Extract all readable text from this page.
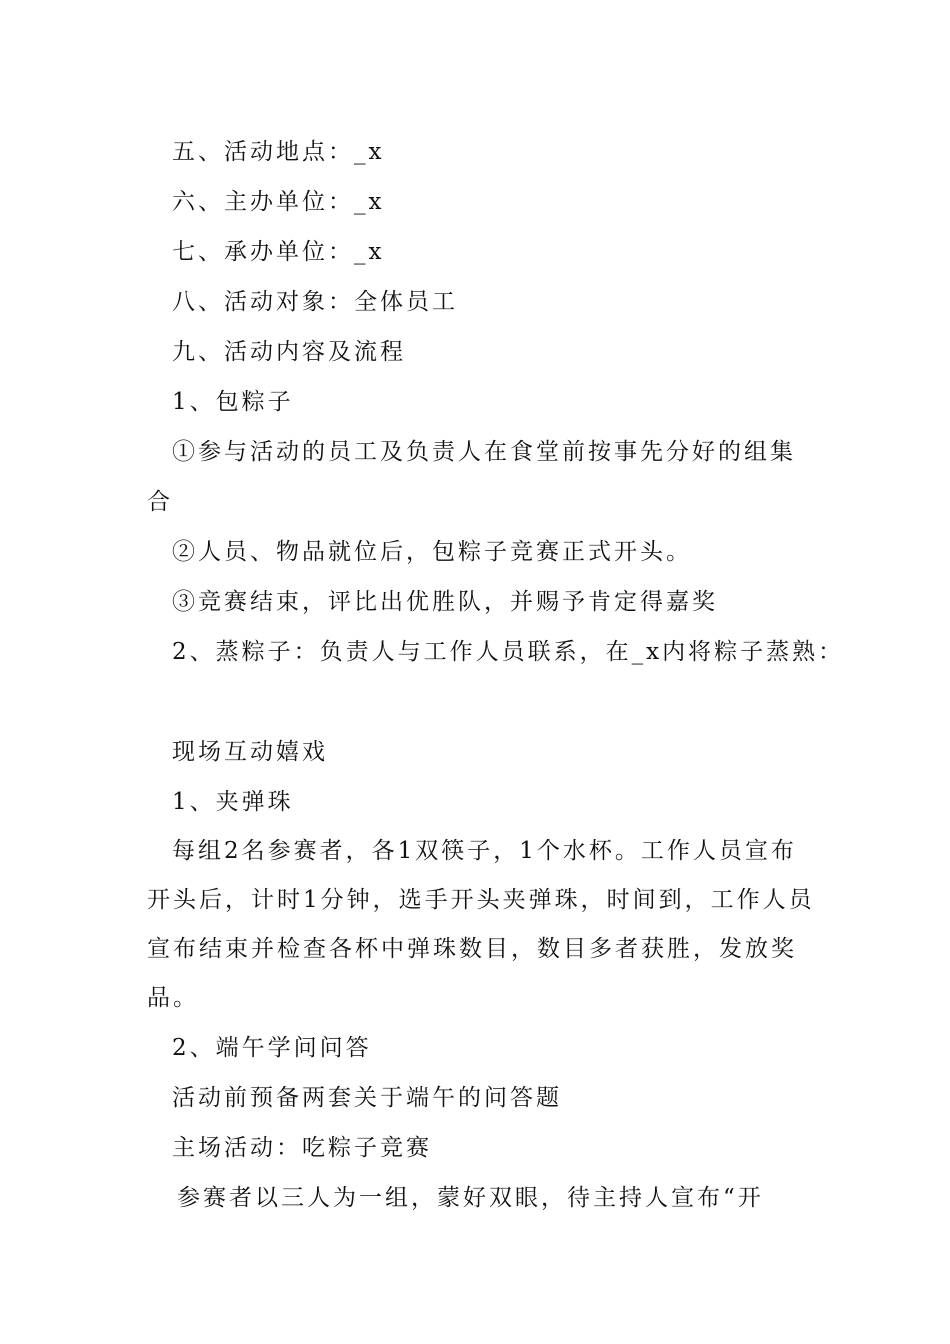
五、活动地点：_x
六、主办单位：_x
七、承办单位：_x
八、活动对象：全体员工
九、活动内容及流程
1、包粽子
①参与活动的员工及负责人在食堂前按事先分好的组集
合
②人员、物品就位后，包粽子竞赛正式开头。
③竞赛结束，评比出优胜队，并赐予肯定得嘉奖
2、蒸粽子：负责人与工作人员联系，在_x内将粽子蒸熟：
现场互动嬉戏
1、夹弹珠
每组2名参赛者，各1双筷子，1个水杯。工作人员宣布
开头后，计时1分钟，选手开头夹弹珠，时间到，工作人员
宣布结束并检查各杯中弹珠数目，数目多者获胜，发放奖
品。
2、端午学问问答
活动前预备两套关于端午的问答题
主场活动：吃粽子竞赛
参赛者以三人为一组，蒙好双眼，待主持人宣布“开
